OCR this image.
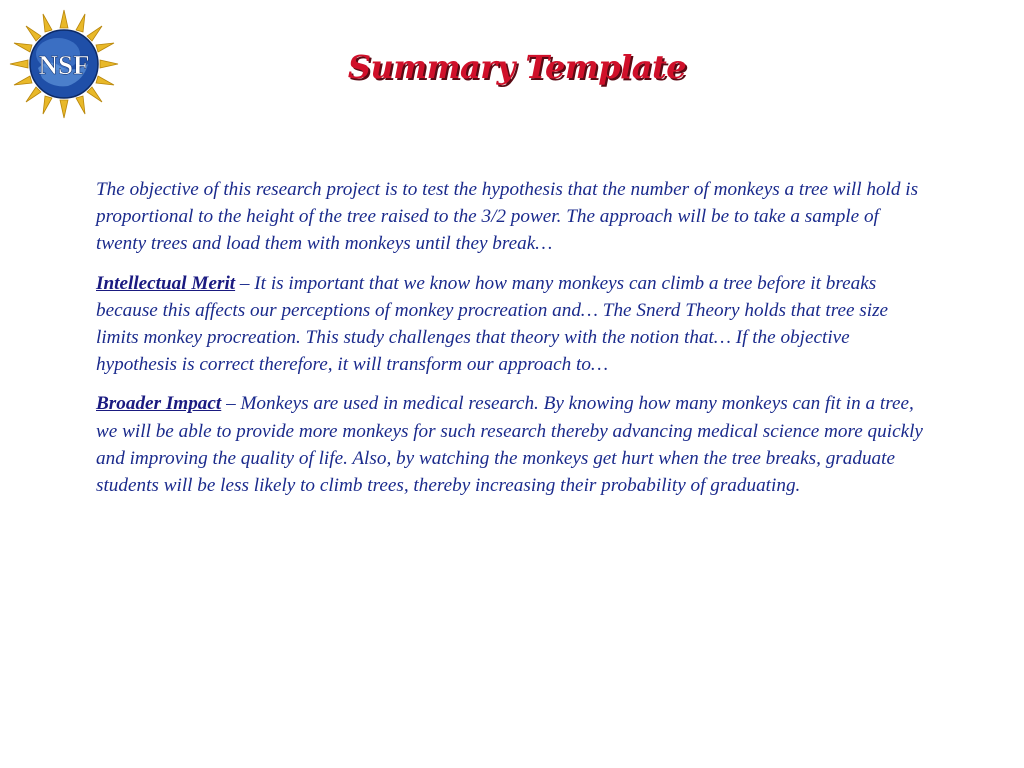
NSF	Summary Template

The objective of this research project is to test the hypothesis that the number of monkeys a tree will hold is proportional to the height of the tree raised to the 3/2 power. The approach will be to take a sample of twenty trees and load them with monkeys until they break…

Intellectual Merit – It is important that we know how many monkeys can climb a tree before it breaks because this affects our perceptions of monkey procreation and… The Snerd Theory holds that tree size limits monkey procreation. This study challenges that theory with the notion that… If the objective hypothesis is correct therefore, it will transform our approach to…

Broader Impact – Monkeys are used in medical research. By knowing how many monkeys can fit in a tree, we will be able to provide more monkeys for such research thereby advancing medical science more quickly and improving the quality of life. Also, by watching the monkeys get hurt when the tree breaks, graduate students will be less likely to climb trees, thereby increasing their probability of graduating.
